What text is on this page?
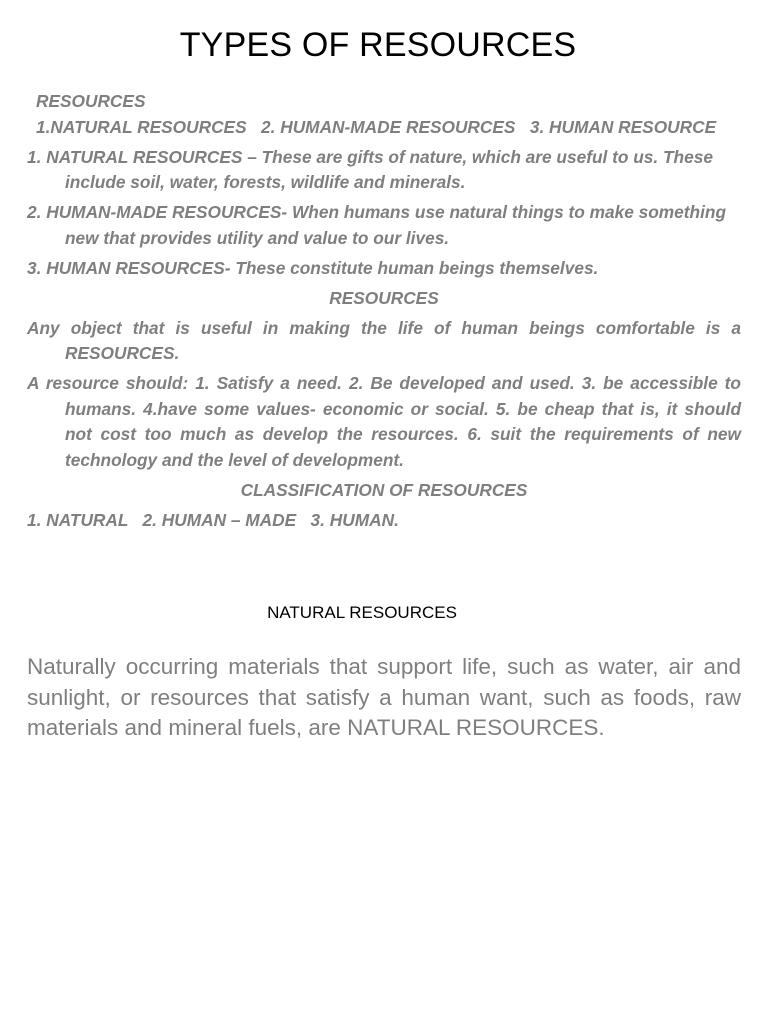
TYPES OF RESOURCES

RESOURCES

1.NATURAL RESOURCES   2. HUMAN-MADE RESOURCES   3. HUMAN RESOURCE

1. NATURAL RESOURCES – These are gifts of nature, which are useful to us. These include soil, water, forests, wildlife and minerals.

2. HUMAN-MADE RESOURCES- When humans use natural things to make something new that provides utility and value to our lives.

3. HUMAN RESOURCES- These constitute human beings themselves.

RESOURCES

Any object that is useful in making the life of human beings comfortable is a RESOURCES.

A resource should: 1. Satisfy a need. 2. Be developed and used. 3. be accessible to humans. 4.have some values- economic or social. 5. be cheap that is, it should not cost too much as develop the resources. 6. suit the requirements of new technology and the level of development.

CLASSIFICATION OF RESOURCES

1. NATURAL   2. HUMAN – MADE   3. HUMAN.

NATURAL RESOURCES
Naturally occurring materials that support life, such as water, air and sunlight, or resources that satisfy a human want, such as foods, raw materials and mineral fuels, are NATURAL RESOURCES.
